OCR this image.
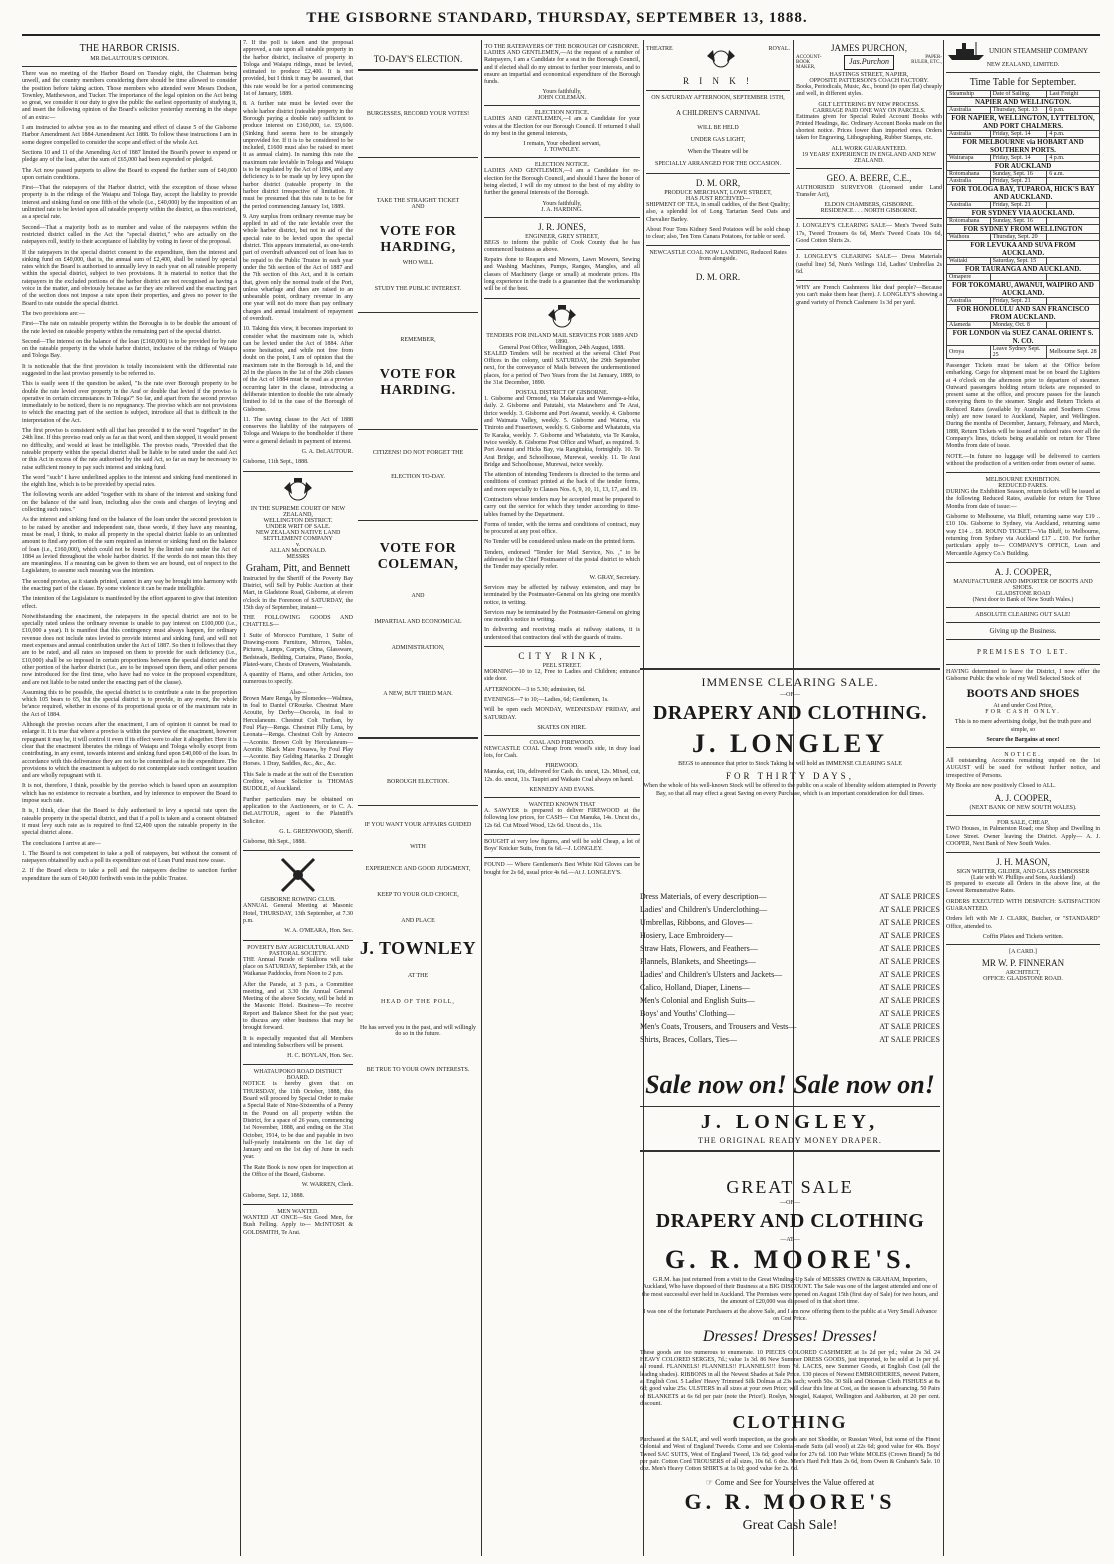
THE GISBORNE STANDARD, THURSDAY, SEPTEMBER 13, 1888.
THE HARBOR CRISIS.
MR DeLAUTOUR'S OPINION.

There was no meeting of the Harbor Board on Tuesday night, the Chairman being unwell, and the country members considering there should be time allowed to consider the position before taking action. Those members who attended were Messrs Dodson, Townley, Matthewson, and Tucker. The importance of the legal opinion on the Act being so great, we consider it our duty to give the public the earliest opportunity of studying it, and insert the following opinion of the Board's solicitor yesterday morning in the shape of an extra:—

I am instructed to advise you as to the meaning and effect of clause 5 of the Gisborne Harbor Amendment Act 1884 Amendment Act 1888. To follow these instructions I am in some degree compelled to consider the scope and effect of the whole Act.

Sections 10 and 11 of the Amending Act of 1887 limited the Board's power to expend or pledge any of the loan, after the sum of £65,000 had been expended or pledged.

The Act now passed purports to allow the Board to expend the further sum of £40,000 upon certain conditions.

First—That the ratepayers of the Harbor district, with the exception of those whose property is in the ridings of the Waiapu and Tologa Bay, accept the liability to provide interest and sinking fund on one fifth of the whole (i.e., £40,000) by the imposition of an unlimited rate to be levied upon all rateable property within the district, as thus restricted, as a special rate.

Second—That a majority both as to number and value of the ratepayers within the restricted district called in the Act the "special district," who are actually on the ratepayers roll, testify to their acceptance of liability by voting in favor of the proposal.

If the ratepayers in the special district consent to the expenditure, then the interest and sinking fund on £40,000, that is, the annual sum of £2,400, shall be raised by special rates which the Board is authorised to annually levy in each year on all rateable property within the special district, subject to two provisions. It is material to notice that the ratepayers in the excluded portions of the harbor district are not recognised as having a voice in the matter, and obviously because as far they are relieved and the enacting part of the section does not impose a rate upon their properties, and gives no power to the Board to rate outside the special district.

The two provisions are:—

First—The rate on rateable property within the Boroughs is to be double the amount of the rate levied on rateable property within the remaining part of the special district.

Second—The interest on the balance of the loan (£160,000) is to be provided for by rate on the rateable property in the whole harbor district, inclusive of the ridings of Waiapu and Tologa Bay.

It is noticeable that the first provision is totally inconsistent with the differential rate suggested in the last proviso presently to be referred to.

This is easily seen if the question be asked, "Is the rate over Borough property to be double the rate levied over property in the Araf or double that levied if the proviso is operative in certain circumstances in Tologa?" So far, and apart from the second proviso immediately to be noticed, there is no repugnancy. The proviso which are not provisions to which the enacting part of the section is subject, introduce all that is difficult in the interpretation of the Act.

The first proviso is consistent with all that has preceded it to the word "together" in the 24th line. If this proviso read only as far as that word, and then stopped, it would present no difficulty, and would at least be intelligible. The proviso reads, "Provided that the rateable property within the special district shall be liable to be rated under the said Act or this Act in excess of the rate authorised by the said Act, so far as may be necessary to raise sufficient money to pay such interest and sinking fund.

The word "such" I have underlined applies to the interest and sinking fund mentioned in the eighth line, which is to be provided by special rates.

The following words are added "together with its share of the interest and sinking fund on the balance of the said loan, including also the costs and charges of levying and collecting such rates."

As the interest and sinking fund on the balance of the loan under the second provision is to be raised by another and independent rate, these words, if they have any meaning, must be read, I think, to make all property in the special district liable to an unlimited amount to find any portion of the sum required as interest or sinking fund on the balance of loan (i.e., £160,000), which could not be found by the limited rate under the Act of 1884 as levied throughout the whole harbor district. If the words do not mean this they are meaningless. If a meaning can be given to them we are bound, out of respect to the Legislature, to assume such meaning was the intention.

The second proviso, as it stands printed, cannot in any way be brought into harmony with the enacting part of the clause. By some violence it can be made intelligible.

The intention of the Legislature is manifested by the effort apparent to give that intention effect.

Notwithstanding the enactment, the ratepayers in the special district are not to be specially rated unless the ordinary revenue is unable to pay interest on £100,000 (i.e., £10,000 a year). It is manifest that this contingency must always happen, for ordinary revenue does not include rates levied to provide interest and sinking fund, and will not meet expenses and annual contribution under the Act of 1887. So then it follows that they are to be rated, and all rates so imposed on them to provide for such deficiency (i.e., £10,000) shall be so imposed in certain proportions between the special district and the other portion of the harbor district (i.e., are to be imposed upon them, and other persons now introduced for the first time, who have had no voice in the proposed expenditure, and are not liable to be rated under the enacting part of the clause).

Assuming this to be possible, the special district is to contribute a rate in the proportion which 105 bears to 65, but the special district is to provide, in any event, the whole be'ance required, whether in excess of its proportional quota or of the maximum rate in the Act of 1884.

Although the proviso occurs after the enactment, I am of opinion it cannot be read to enlarge it. It is true that where a proviso is within the purview of the enactment, however repugnant it may be, it will control it even if its effect were to alter it altogether. Here it is clear that the enactment liberates the ridings of Waiapu and Tologa wholly except from contributing, in any event, towards interest and sinking fund upon £40,000 of the loan. In accordance with this deliverance they are not to be committed as to the expenditure. The provisions to which the enactment is subject do not contemplate such contingent taxation and are wholly repugnant with it.

It is not, therefore, I think, possible by the proviso which is based upon an assumption which has no existence to recreate a burthen, and by inference to empower the Board to impose such rate.

It is, I think, clear that the Board is duly authorised to levy a special rate upon the rateable property in the special district, and that if a poll is taken and a consent obtained it must levy such rate as is required to find £2,400 upon the rateable property in the special district alone.

The conclusions I arrive at are—

1. The Board is not competent to take a poll of ratepayers, but without the consent of ratepayers obtained by such a poll its expenditure out of Loan Fund must now cease.

2. If the Board elects to take a poll and the ratepayers decline to sanction further expenditure the sum of £40,000 forthwith vests in the public Trustee.

7. If the poll is taken and the proposal approved, a rate upon all rateable property in the harbor district, inclusive of property in Tologa and Waiapu ridings, must be levied, estimated to produce £2,400. It is not provided, but I think it may be assumed, that this rate would be for a period commencing 1st of January, 1889.

8. A further rate must be levied over the whole harbor district (rateable property in the Borough paying a double rate) sufficient to produce interest on £160,000, i.e. £9,600. (Sinking fund seems here to be strangely unprovided for. If it is to be considered to be included, £1600 must also be raised to meet it as annual claim). In naming this rate the maximum rate leviable in Tologa and Waiapu is to be regulated by the Act of 1884, and any deficiency is to be made up by levy upon the harbor district (rateable property in the harbor district irrespective of limitation. It must be presumed that this rate is to be for the period commencing January 1st, 1889.

9. Any surplus from ordinary revenue may be applied in aid of the rate leviable over the whole harbor district, but not in aid of the special rate to be levied upon the special district. This appears immaterial, as one-tenth part of overdraft advanced out of loan has to be repaid to the Public Trustee in each year under the 5th section of the Act of 1887 and the 7th section of this Act, and it is certain that, given only the normal trade of the Port, unless wharfage and dues are raised to an unbearable point, ordinary revenue in any one year will not do more than pay ordinary charges and annual instalment of repayment of overdraft.

10. Taking this view, it becomes important to consider what the maximum rate is, which can be levied under the Act of 1884. After some hesitation, and while not free from doubt on the point, I am of opinion that the maximum rate in the Borough is 1d, and the 2d in the places in the 1st of the 26th clauses of the Act of 1884 must be read as a proviso occurring later in the clause, introducing a deliberate intention to double the rate already limited to 1d in the case of the Borough of Gisborne.

11. The saving clause to the Act of 1888 conserves the liability of the ratepayers of Tologa and Waiapu to the bondholder if there were a general default in payment of interest.

G. A. DeLAUTOUR.

Gisborne, 11th Sept., 1888.

IN THE SUPREME COURT OF NEW ZEALAND,
WELLINGTON DISTRICT.
UNDER WRIT OF SALE.
NEW ZEALAND NATIVE LAND SETTLEMENT COMPANY
v.
ALLAN McDONALD.
MESSRS
Graham, Pitt, and Bennett

Instructed by the Sheriff of the Poverty Bay District, will Sell by Public Auction at their Mart, in Gladstone Road, Gisborne, at eleven o'clock in the Forenoon of SATURDAY, the 15th day of September, instant—

THE FOLLOWING GOODS AND CHATTELS—

1 Suite of Morocco Furniture, 1 Suite of Drawing-room Furniture, Mirrors, Tables, Pictures, Lamps, Carpets, China, Glassware, Bedsteads, Bedding, Curtains, Piano, Books, Plated-ware, Chests of Drawers, Washstands.

A quantity of Hams, and other Articles, too numerous to specify.

Also—

Brown Mare Renga, by Blomedes—Walmea, in foal to Daniel O'Rourke. Chestnut Mare Acouite, by Derby—Osceola, in foal to Herculaneum. Chestnut Colt Turiban, by Foul Play—Renga. Chestnut Filly Lena, by Leonata—Renga. Chestnut Colt by Antecro—Aconite. Brown Colt by Herculaneum—Aconite. Black Mare Fouawa, by Foul Play—Aconite. Bay Gelding Hatarika. 2 Draught Horses. 1 Dray, Saddles, &c., &c., &c.

This Sale is made at the suit of the Execution Creditor, whose Solicitor is THOMAS BUDDLE, of Auckland.

Further particulars may be obtained on application to the Auctioneers, or to C. A. DeLAUTOUR, agent to the Plaintiff's Solicitor.

G. L. GREENWOOD, Sheriff.

Gisborne, 8th Sept., 1888.

GISBORNE ROWING CLUB.

ANNUAL General Meeting at Masonic Hotel, THURSDAY, 13th September, at 7.30 p.m.

W. A. O'MEARA, Hon. Sec.

POVERTY BAY AGRICULTURAL AND PASTORAL SOCIETY.

THE Annual Parade of Stallions will take place on SATURDAY, September 15th, at the Waikanae Paddocks, from Noon to 2 p.m.

After the Parade, at 3 p.m., a Committee meeting, and at 3.30 the Annual General Meeting of the above Society, will be held in the Masonic Hotel. Business—To receive Report and Balance Sheet for the past year; to discuss any other business that may be brought forward.

It is especially requested that all Members and intending Subscribers will be present.

H. C. BOYLAN, Hon. Sec.

WHATAUPOKO ROAD DISTRICT BOARD.

NOTICE is hereby given that on THURSDAY, the 11th October, 1888, this Board will proceed by Special Order to make a Special Rate of Nine-Sixteenths of a Penny in the Pound on all property within the District, for a space of 26 years, commencing 1st November, 1888, and ending on the 31st October, 1914, to be due and payable in two half-yearly instalments on the 1st day of January and on the 1st day of June in each year.

The Rate Book is now open for inspection at the Office of the Board, Gisborne.

W. WARREN, Clerk.

Gisborne, Sept. 12, 1888.

MEN WANTED.

WANTED AT ONCE—Six Good Men, for Bush Felling. Apply to— McINTOSH & GOLDSMITH, Te Arai.

TO-DAY'S ELECTION.
BURGESSES, RECORD YOUR VOTES!
TAKE THE STRAIGHT TICKET
AND
VOTE FOR HARDING,
WHO WILL
STUDY THE PUBLIC INTEREST.
REMEMBER,
VOTE FOR HARDING.
CITIZENS! DO NOT FORGET THE
ELECTION TO-DAY.
VOTE FOR COLEMAN,
AND
IMPARTIAL AND ECONOMICAL
ADMINISTRATION,
A NEW, BUT TRIED MAN.
BOROUGH ELECTION.
IF YOU WANT YOUR AFFAIRS GUIDED
WITH
EXPERIENCE AND GOOD JUDGMENT,
KEEP TO YOUR OLD CHOICE,
AND PLACE
J. TOWNLEY
AT THE
HEAD OF THE POLL,
He has served you in the past, and will willingly do so in the future.
BE TRUE TO YOUR OWN INTERESTS.
TO THE RATEPAYERS OF THE BOROUGH OF GISBORNE.

LADIES AND GENTLEMEN,—At the request of a number of Ratepayers, I am a Candidate for a seat in the Borough Council, and if elected shall do my utmost to further your interests, and to ensure an impartial and economical expenditure of the Borough funds.

Yours faithfully,
JOHN COLEMAN.
ELECTION NOTICE.

LADIES AND GENTLEMEN,—I am a Candidate for your votes at the Election for our Borough Council. If returned I shall do my best in the general interests,

I remain, Your obedient servant,
J. TOWNLEY.
ELECTION NOTICE.

LADIES AND GENTLEMEN,—I am a Candidate for re-election for the Borough Council, and should I have the honor of being elected, I will do my utmost to the best of my ability to further the general interests of the Borough.

Yours faithfully,
J. A. HARDING.
J. R. JONES,
ENGINEER, GREY STREET,

BEGS to inform the public of Cook County that he has commenced business as above.

Repairs done to Reapers and Mowers, Lawn Mowers, Sewing and Washing Machines, Pumps, Ranges, Mangles, and all classes of Machinery (large or small) at moderate prices. His long experience in the trade is a guarantee that the workmanship will be of the best.

TENDERS FOR INLAND MAIL SERVICES FOR 1889 AND 1890.
General Post Office, Wellington, 24th August, 1888.

SEALED Tenders will be received at the several Chief Post Offices in the colony, until SATURDAY, the 29th September next, for the conveyance of Mails between the undermentioned places, for a period of Two Years from the 1st January, 1889, to the 31st December, 1890.

POSTAL DISTRICT OF GISBORNE.

1. Gisborne and Ormond, via Makaraka and Waerenga-a-hika, daily. 2. Gisborne and Patutahi, via Matawhero and Te Arai, thrice weekly. 3. Gisborne and Port Awanui, weekly. 4. Gisborne and Waimata Valley, weekly. 5. Gisborne and Wairoa, via Tiniroto and Frasertown, weekly. 6. Gisborne and Whatatutu, via Te Karaka, weekly. 7. Gisborne and Whatatutu, via Te Karaka, twice weekly. 8. Gisborne Post Office and Wharf, as required. 9. Port Awanui and Hicks Bay, via Rangitukia, fortnightly. 10. Te Arai Bridge, and Schoolhouse, Murewai, weekly. 11. Te Arai Bridge and Schoolhouse, Murewai, twice weekly.

The attention of intending Tenderers is directed to the terms and conditions of contract printed at the back of the tender forms, and more especially to Clauses Nos. 6, 9, 10, 11, 13, 17, and 19.

Contractors whose tenders may be accepted must be prepared to carry out the service for which they tender according to time-tables framed by the Department.

Forms of tender, with the terms and conditions of contract, may be procured at any post office.

No Tender will be considered unless made on the printed form.

Tenders, endorsed "Tender for Mail Service, No. ," to be addressed to the Chief Postmaster of the postal district to which the Tender may specially refer.

W. GRAY, Secretary.

Services may be affected by railway extension, and may be terminated by the Postmaster-General on his giving one month's notice, in writing.

Services may be terminated by the Postmaster-General on giving one month's notice in writing.

In delivering and receiving mails at railway stations, it is understood that contractors deal with the guards of trains.

CITY RINK,
PEEL STREET.

MORNING—10 to 12, Free to Ladies and Children; entrance side door.

AFTERNOON—3 to 5.30; admission, 6d.

EVENINGS—7 to 10;—Ladies, 6d; Gentlemen, 1s.

Will be open each MONDAY, WEDNESDAY FRIDAY, and SATURDAY.

SKATES ON HIRE.
COAL AND FIREWOOD.

NEWCASTLE COAL Cheap from vessel's side, in dray load lots, for Cash.

FIREWOOD.

Manuka, cut, 10s, delivered for Cash. do. uncut, 12s. Mixed, cut, 12s. do. uncut, 11s. Taupiri and Waikato Coal always on hand.

KENNEDY AND EVANS.
WANTED KNOWN THAT

A. SAWYER is prepared to deliver FIREWOOD at the following low prices, for CASH— Cut Manuka, 14s. Uncut do., 12s 6d. Cut Mixed Wood, 12s 6d. Uncut do., 11s.

BOUGHT at very low figures, and will be sold Cheap, a lot of Boys' Knicker Suits, from 6s 6d.—J. LONGLEY.

FOUND — Where Gentlemen's Best White Kid Gloves can be bought for 2s 6d, usual price 4s 6d.—At J. LONGLEY'S.

THEATRE	ROYAL.
R I N K !
ON SATURDAY AFTERNOON, SEPTEMBER 15TH,
A CHILDREN'S CARNIVAL
WILL BE HELD
UNDER GAS LIGHT,
When the Theatre will be
SPECIALLY ARRANGED FOR THE OCCASION.
D. M. ORR,
PRODUCE MERCHANT, LOWE STREET,
HAS JUST RECEIVED—

SHIPMENT OF TEA, in small caddies, of the Best Quality; also, a splendid lot of Long Tartarian Seed Oats and Chevalier Barley.

About Four Tons Kidney Seed Potatoes will be sold cheap to clear; also, Ten Tons Canara Potatoes, for table or seed.

NEWCASTLE COAL NOW LANDING, Reduced Rates from alongside.
D. M. ORR.
JAMES PURCHON,
ACCOUNT-BOOK MAKER,
Jas.Purchon	PAPER-RULER, ETC.,
HASTINGS STREET, NAPIER,
OPPOSITE PATTERSON'S COACH FACTORY.

Books, Periodicals, Music, &c., bound (to open flat) cheaply and well, in different styles.

GILT LETTERING BY NEW PROCESS.
CARRIAGE PAID ONE WAY ON PARCELS.

Estimates given for Special Ruled Account Books with Printed Headings, &c. Ordinary Account Books made on the shortest notice. Prices lower than imported ones. Orders taken for Engraving, Lithographing, Rubber Stamps, etc.

ALL WORK GUARANTEED.
19 YEARS' EXPERIENCE IN ENGLAND AND NEW ZEALAND.
GEO. A. BEERE, C.E.,

AUTHORISED SURVEYOR (Licensed under Land Transfer Act),

ELDON CHAMBERS, GISBORNE.
RESIDENCE . . . NORTH GISBORNE.

J. LONGLEY'S CLEARING SALE— Men's Tweed Suits 17s, Tweed Trousers 6s 6d, Men's Tweed Coats 10s 6d, Good Cotton Shirts 2s.

J. LONGLEY'S CLEARING SALE— Dress Materials (useful line) 5d, Nun's Veilings 11d, Ladies' Umbrellas 2s 6d.

WHY are French Cashmeres like deaf people?—Because you can't make them hear (here). J. LONGLEY'S showing a grand variety of French Cashmere 1s 3d per yard.

IMMENSE CLEARING SALE.
—OF—
DRAPERY AND CLOTHING.
J. LONGLEY

BEGS to announce that prior to Stock Taking he will hold an IMMENSE CLEARING SALE

FOR THIRTY DAYS,

When the whole of his well-known Stock will be offered to the public on a scale of liberality seldom attempted in Poverty Bay, so that all may effect a great Saving on every Purchase, which is an important consideration for dull times.

Dress Materials, of every description—	AT SALE PRICES
Ladies' and Children's Underclothing—	AT SALE PRICES
Umbrellas, Ribbons, and Gloves—	AT SALE PRICES
Hosiery, Lace Embroidery—	AT SALE PRICES
Straw Hats, Flowers, and Feathers—	AT SALE PRICES
Flannels, Blankets, and Sheetings—	AT SALE PRICES
Ladies' and Children's Ulsters and Jackets—	AT SALE PRICES
Calico, Holland, Diaper, Linens—	AT SALE PRICES
Men's Colonial and English Suits—	AT SALE PRICES
Boys' and Youths' Clothing—	AT SALE PRICES
Men's Coats, Trousers, and Trousers and Vests—	AT SALE PRICES
Shirts, Braces, Collars, Ties—	AT SALE PRICES
Sale now on! Sale now on!
J. LONGLEY,
THE ORIGINAL READY MONEY DRAPER.
GREAT SALE
—OF—
DRAPERY AND CLOTHING
—AT—
G. R. MOORE'S.

G.R.M. has just returned from a visit to the Great Winding-Up Sale of MESSRS OWEN & GRAHAM, Importers, Auckland, Who have disposed of their Business at a BIG DISCOUNT. The Sale was one of the largest attended and one of the most successful ever held in Auckland. The Premises were opened on August 15th (first day of Sale) for two hours, and the amount of £20,000 was disposed of in that short time.

I was one of the fortunate Purchasers at the above Sale, and I am now offering them to the public at a Very Small Advance on Cost Price.

Dresses! Dresses! Dresses!

These goods are too numerous to enumerate. 10 PIECES COLORED CASHMERE at 1s 2d per yd.; value 2s 3d. 24 HEAVY COLORED SERGES, 7d.; value 1s 3d. 86 New Summer DRESS GOODS, just imported, to be sold at 1s per yd. all round. FLANNELS! FLANNELS!! FLANNELS!!! from 7d. LACES, new Summer Goods, at English Cost (all the leading shades). RIBBONS in all the Newest Shades at Sale Price. 130 pieces of Newest EMBROIDERIES, newest Pattern, at English Cost. 5 Ladies' Heavy Trimmed Silk Dolmas at 23s each; worth 50s. 30 Silk and Ottoman Cloth FISHUES at 8s 6d; good value 25s. ULSTERS in all sizes at your own Price; will clear this line at Cost, as the season is advancing. 50 Pairs of BLANKETS at 6s 6d per pair (note the Price!). Roslyn, Mosgiel, Kaiapoi, Wellington and Ashburton, at 20 per cent. discount.

CLOTHING

Purchased at the SALE, and well worth inspection, as the goods are not Shoddie, or Russian Wool, but some of the Finest Colonial and West of England Tweeds. Come and see Colonial-made Suits (all wool) at 22s 6d; good value for 40s. Boys' Tweed SAC SUITS, West of England Tweed, 13s 6d; good value for 27s 6d. 100 Pair White MOLES (Crown Brand) 5s 8d per pair. Cotton Cord TROUSERS of all sizes, 10s 6d. 6 doz. Men's Hard Felt Hats 2s 6d, from Owen & Graham's Sale. 10 doz. Men's Heavy Cotton SHIRTS at 1s 0d; good value for 2s. 6d.

☞ Come and See for Yourselves the Value offered at
G. R. MOORE'S
Great Cash Sale!
UNION STEAMSHIP COMPANY
NEW ZEALAND, LIMITED.
Time Table for September.
Steamship	Date of Sailing.	Last Freight
NAPIER AND WELLINGTON.		
Australia	Thursday, Sept. 13	6 p.m.
FOR NAPIER, WELLINGTON, LYTTELTON, AND PORT CHALMERS.		
Australia	Friday, Sept. 14	4 p.m.
FOR MELBOURNE via HOBART AND SOUTHERN PORTS.		
Wairarapa	Friday, Sept. 14	4 p.m.
FOR AUCKLAND		
Rotomahana	Sunday, Sept. 16	6 a.m.
Australia	Friday, Sept. 21	
FOR TOLOGA BAY, TUPAROA, HICK'S BAY AND AUCKLAND.		
Australia	Friday, Sept. 21	
FOR SYDNEY VIA AUCKLAND.		
Rotomahana	Sunday, Sept. 16	
FOR SYDNEY FROM WELLINGTON		
Waihora	Thursday, Sept. 20	
FOR LEVUKA AND SUVA FROM AUCKLAND.		
Waitaki	Saturday, Sept. 15	
FOR TAURANGA AND AUCKLAND.		
Omapere		
FOR TOKOMARU, AWANUI, WAIPIRO AND AUCKLAND.		
Australia	Friday, Sept. 21	
FOR HONOLULU AND SAN FRANCISCO FROM AUCKLAND.		
Alameda	Monday, Oct. 8	
FOR LONDON via SUEZ CANAL ORIENT S. N. CO.		
Oroya	Leave Sydney Sept. 25	Melbourne Sept. 28

Passenger Tickets must be taken at the Office before embarking. Cargo for shipment must be on board the Lighters at 4 o'clock on the afternoon prior to departure of steamer. Outward passengers holding return tickets are requested to present same at the office, and procure passes for the launch conveying them to the steamer. Single and Return Tickets at Reduced Rates (available by Australia and Southern Cross only) are now issued to Auckland, Napier, and Wellington. During the months of December, January, February, and March, 1888, Return Tickets will be issued at reduced rates over all the Company's lines, tickets being available on return for Three Months from date of issue.

NOTE.—In future no luggage will be delivered to carriers without the production of a written order from owner of same.

MELBOURNE EXHIBITION.
REDUCED FARES.

DURING the Exhibition Season, return tickets will be issued at the following Reduced Rates, available for return for Three Months from date of issue:—

Gisborne to Melbourne, via Bluff, returning same way £19 .. £10 10s. Gisborne to Sydney, via Auckland, returning same way £14 .. £8. ROUND TICKET:—Via Bluff, to Melbourne, returning from Sydney via Auckland £17 .. £10. For further particulars apply to— COMPANY'S OFFICE, Loan and Mercantile Agency Co.'s Building.

A. J. COOPER,
MANUFACTURER AND IMPORTER OF BOOTS AND SHOES.
GLADSTONE ROAD
(Next door to Bank of New South Wales.)
ABSOLUTE CLEARING OUT SALE!
Giving up the Business.
PREMISES TO LET.

HAVING determined to leave the District, I now offer the Gisborne Public the whole of my Well Selected Stock of

BOOTS AND SHOES
At and under Cost Price,
FOR CASH ONLY.

This is no mere advertising dodge, but the truth pure and simple, so

Secure the Bargains at once!
NOTICE.

All outstanding Accounts remaining unpaid on the 1st AUGUST will be sued for without further notice, and irrespective of Persons.

My Books are now positively Closed to ALL.

A. J. COOPER,
(NEXT BANK OF NEW SOUTH WALES).
FOR SALE, CHEAP,

TWO Houses, in Palmerston Road; one Shop and Dwelling in Lowe Street. Owner leaving the District. Apply— A. J. COOPER, Next Bank of New South Wales.

J. H. MASON,
SIGN WRITER, GILDER, AND GLASS EMBOSSER
(Late with W. Phillips and Sons, Auckland)

IS prepared to execute all Orders in the above line, at the Lowest Remunerative Rates.

ORDERS EXECUTED WITH DESPATCH: SATISFACTION GUARANTEED.

Orders left with Mr J. CLARK, Butcher, or "STANDARD" Office, attended to.

Coffin Plates and Tickets written.
[A CARD.]
MR W. P. FINNERAN
ARCHITECT,
OFFICE: GLADSTONE ROAD.
